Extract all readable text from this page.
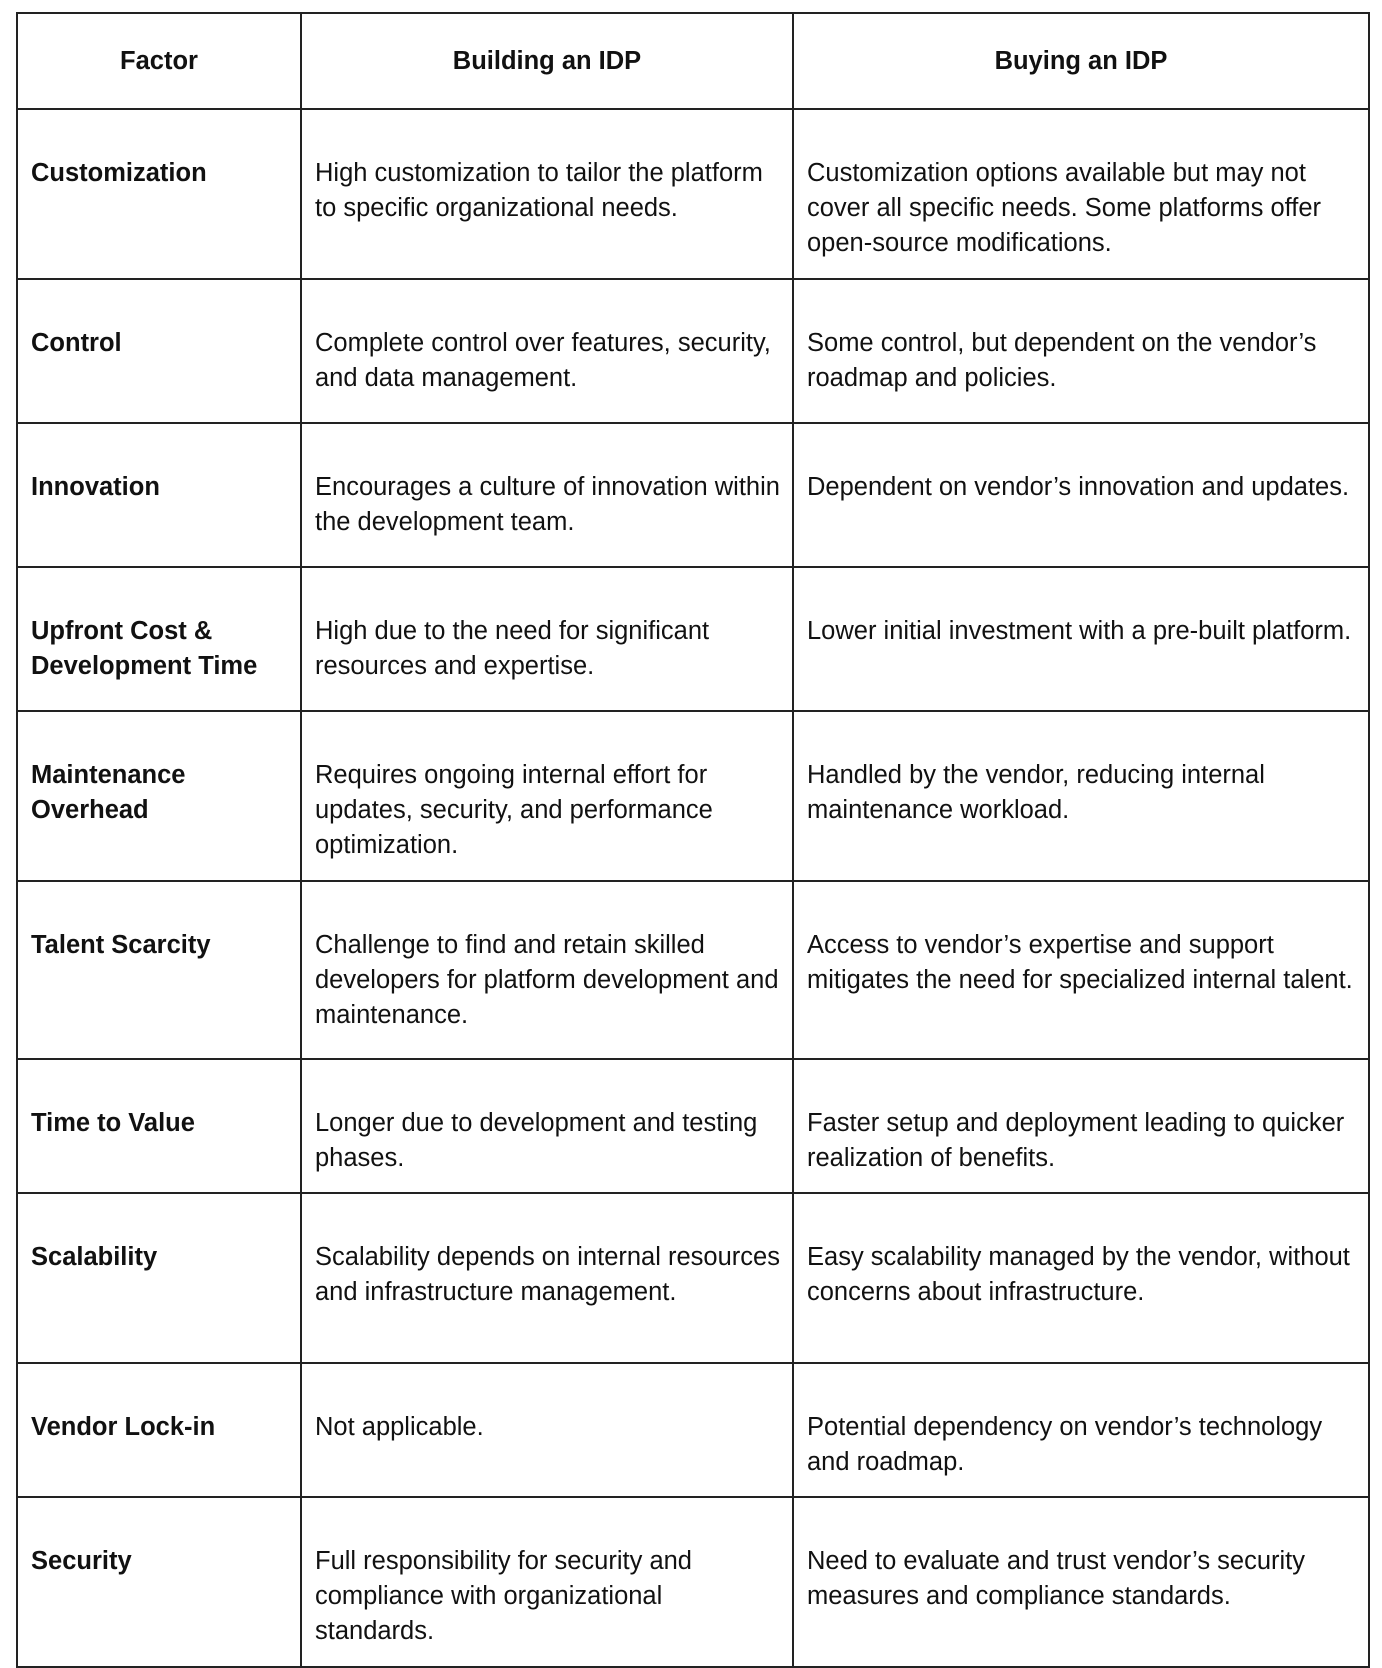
Factor	Building an IDP	Buying an IDP
Customization	High customization to tailor the platform to specific organizational needs.	Customization options available but may not cover all specific needs. Some platforms offer open-source modifications.
Control	Complete control over features, security, and data management.	Some control, but dependent on the vendor’s roadmap and policies.
Innovation	Encourages a culture of innovation within the development team.	Dependent on vendor’s innovation and updates.
Upfront Cost & Development Time	High due to the need for significant resources and expertise.	Lower initial investment with a pre-built platform.
Maintenance Overhead	Requires ongoing internal effort for updates, security, and performance optimization.	Handled by the vendor, reducing internal maintenance workload.
Talent Scarcity	Challenge to find and retain skilled developers for platform development and maintenance.	Access to vendor’s expertise and support mitigates the need for specialized internal talent.
Time to Value	Longer due to development and testing phases.	Faster setup and deployment leading to quicker realization of benefits.
Scalability	Scalability depends on internal resources and infrastructure management.	Easy scalability managed by the vendor, without concerns about infrastructure.
Vendor Lock-in	Not applicable.	Potential dependency on vendor’s technology and roadmap.
Security	Full responsibility for security and compliance with organizational standards.	Need to evaluate and trust vendor’s security measures and compliance standards.
